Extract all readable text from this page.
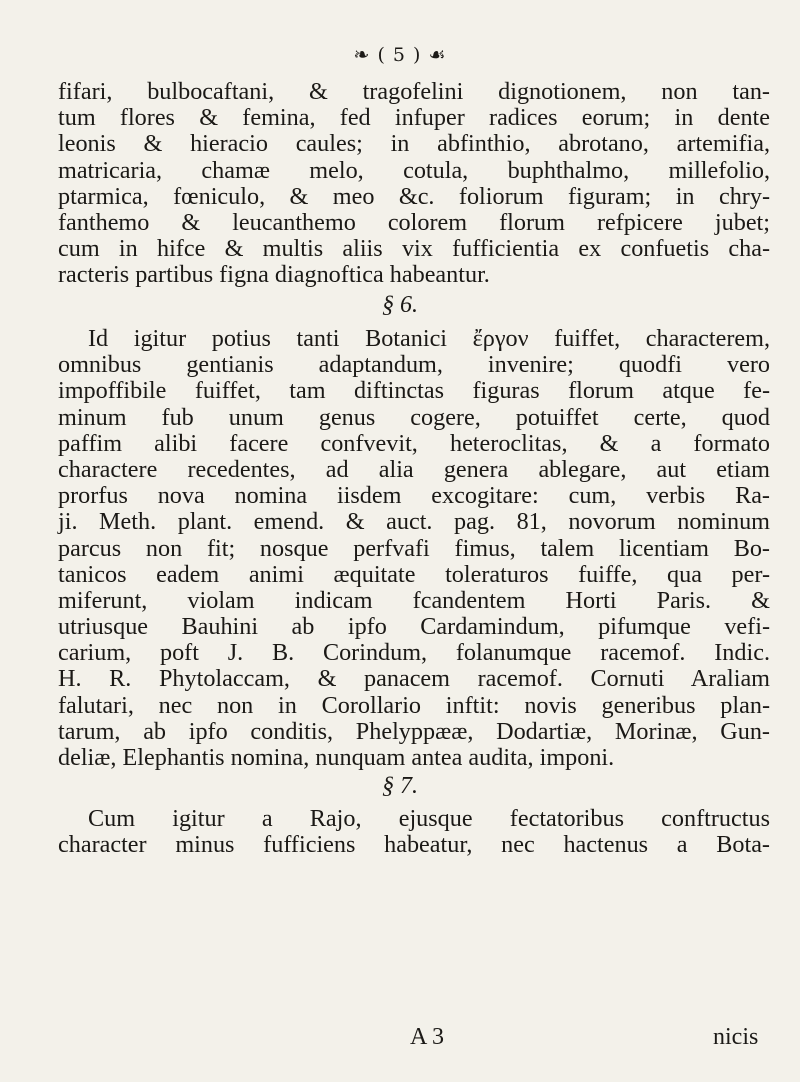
❧ ( 5 ) ☙
fifari, bulbocaftani, & tragofelini dignotionem, non tan-
tum flores & femina, fed infuper radices eorum; in dente
leonis & hieracio caules; in abfinthio, abrotano, artemifia,
matricaria, chamæ melo, cotula, buphthalmo, millefolio,
ptarmica, fœniculo, & meo &c. foliorum figuram; in chry-
fanthemo & leucanthemo colorem florum refpicere jubet;
cum in hifce & multis aliis vix fufficientia ex confuetis cha-
racteris partibus figna diagnoftica habeantur.
§ 6.
Id igitur potius tanti Botanici ἔργον fuiffet, characterem,
omnibus gentianis adaptandum, invenire; quodfi vero
impoffibile fuiffet, tam diftinctas figuras florum atque fe-
minum fub unum genus cogere, potuiffet certe, quod
paffim alibi facere confvevit, heteroclitas, & a formato
charactere recedentes, ad alia genera ablegare, aut etiam
prorfus nova nomina iisdem excogitare: cum, verbis Ra-
ji. Meth. plant. emend. & auct. pag. 81, novorum nominum
parcus non fit; nosque perfvafi fimus, talem licentiam Bo-
tanicos eadem animi æquitate toleraturos fuiffe, qua per-
miferunt, violam indicam fcandentem Horti Paris. &
utriusque Bauhini ab ipfo Cardamindum, pifumque vefi-
carium, poft J. B. Corindum, folanumque racemof. Indic.
H. R. Phytolaccam, & panacem racemof. Cornuti Araliam
falutari, nec non in Corollario inftit: novis generibus plan-
tarum, ab ipfo conditis, Phelyppææ, Dodartiæ, Morinæ, Gun-
deliæ, Elephantis nomina, nunquam antea audita, imponi.
§ 7.
Cum igitur a Rajo, ejusque fectatoribus conftructus
character minus fufficiens habeatur, nec hactenus a Bota-
A 3	nicis
